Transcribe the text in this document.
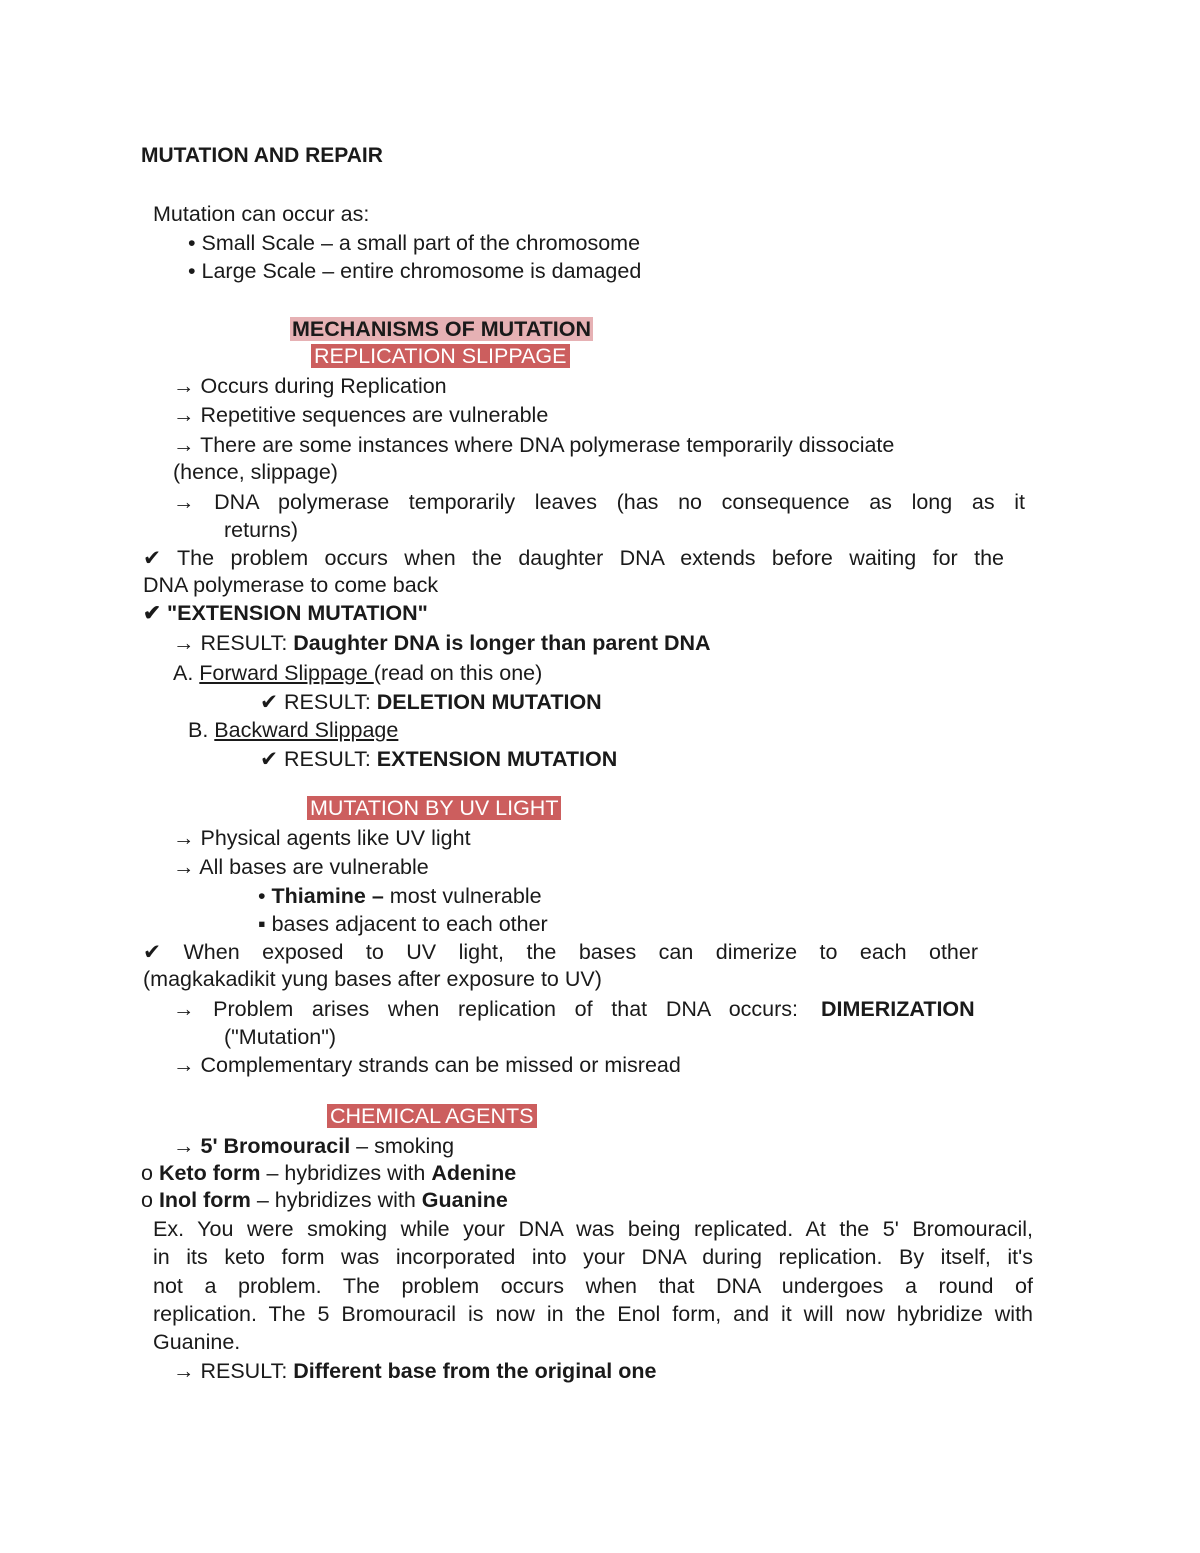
MUTATION AND REPAIR
Mutation can occur as:
• Small Scale – a small part of the chromosome
• Large Scale – entire chromosome is damaged
MECHANISMS OF MUTATION
REPLICATION SLIPPAGE
→ Occurs during Replication
→ Repetitive sequences are vulnerable
→ There are some instances where DNA polymerase temporarily dissociate
(hence, slippage)
→ DNA polymerase temporarily leaves (has no consequence as long as it
returns)
✔ The problem occurs when the daughter DNA extends before waiting for the
DNA polymerase to come back
✔ "EXTENSION MUTATION"
→ RESULT: Daughter DNA is longer than parent DNA
A. Forward Slippage (read on this one)
✔ RESULT: DELETION MUTATION
B. Backward Slippage
✔ RESULT: EXTENSION MUTATION
MUTATION BY UV LIGHT
→ Physical agents like UV light
→ All bases are vulnerable
• Thiamine – most vulnerable
▪ bases adjacent to each other
✔ When exposed to UV light, the bases can dimerize to each other
(magkakadikit yung bases after exposure to UV)
→ Problem arises when replication of that DNA occurs: DIMERIZATION
("Mutation")
→ Complementary strands can be missed or misread
CHEMICAL AGENTS
→ 5' Bromouracil – smoking
o Keto form – hybridizes with Adenine
o Inol form – hybridizes with Guanine
Ex. You were smoking while your DNA was being replicated. At the 5' Bromouracil,
in its keto form was incorporated into your DNA during replication. By itself, it's
not a problem. The problem occurs when that DNA undergoes a round of
replication. The 5 Bromouracil is now in the Enol form, and it will now hybridize with
Guanine.
→ RESULT: Different base from the original one
